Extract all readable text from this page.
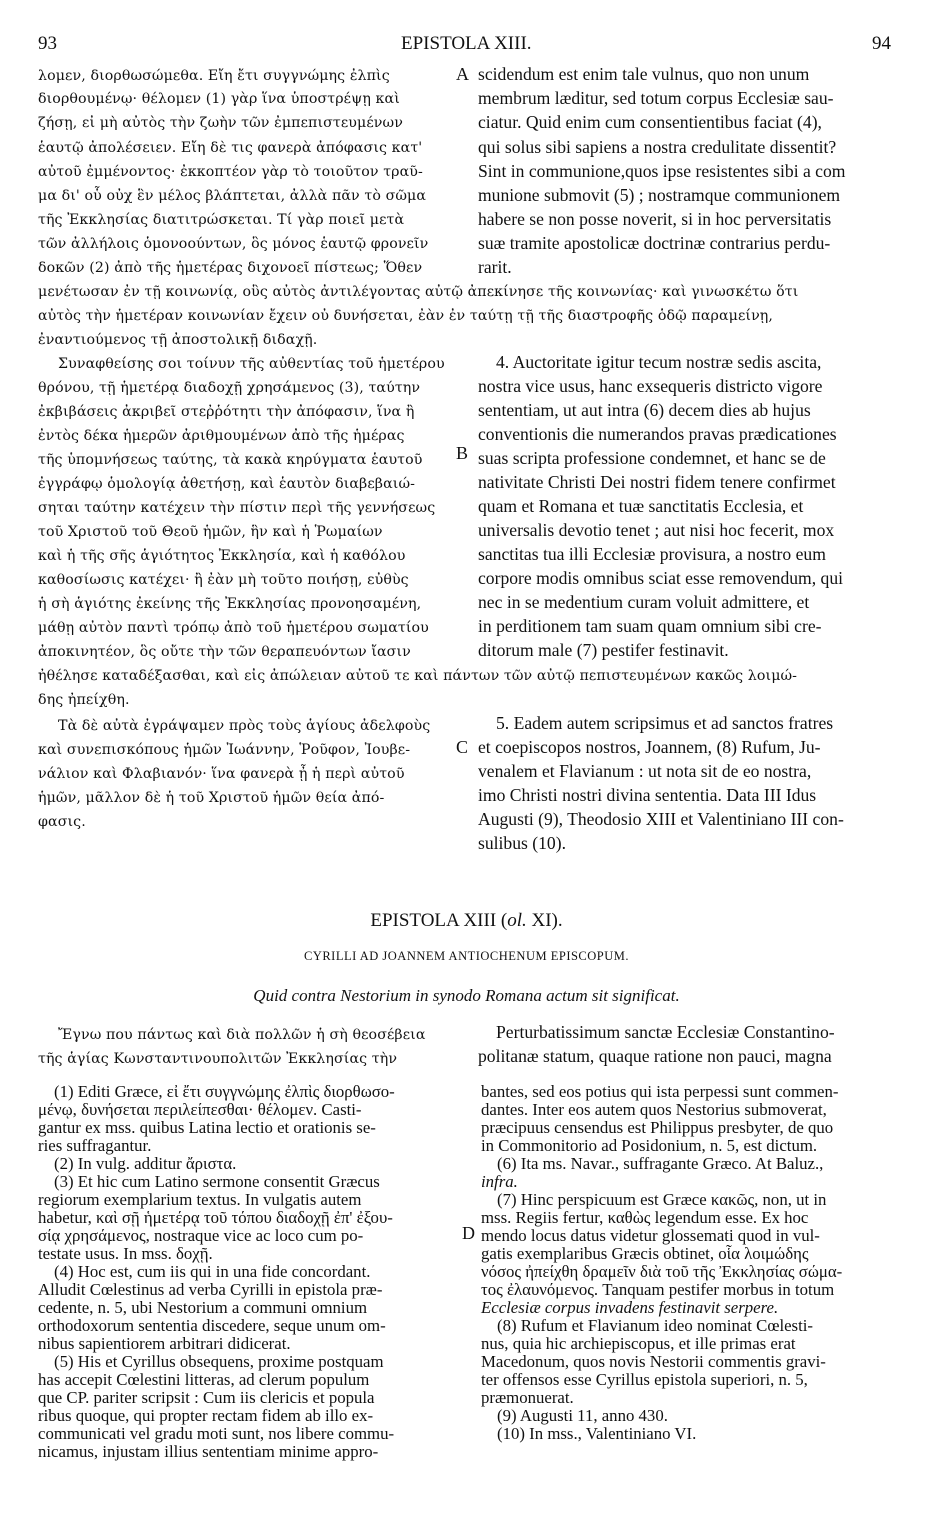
93	EPISTOLA XIII.	94
A
B
C
D
λομεν, διορθωσώμεθα. Εἴη ἔτι συγγνώμης ἐλπὶς
διορθουμένῳ· θέλομεν (1) γὰρ ἵνα ὑποστρέψῃ καὶ
ζήσῃ, εἰ μὴ αὐτὸς τὴν ζωὴν τῶν ἐμπεπιστευμένων
ἑαυτῷ ἀπολέσειεν. Εἴη δὲ τις φανερὰ ἀπόφασις κατ'
αὐτοῦ ἐμμένοντος· ἐκκοπτέον γὰρ τὸ τοιοῦτον τραῦ-
μα δι' οὗ οὐχ ἓν μέλος βλάπτεται, ἀλλὰ πᾶν τὸ σῶμα
τῆς Ἐκκλησίας διατιτρώσκεται. Τί γὰρ ποιεῖ μετὰ
τῶν ἀλλήλοις ὁμονοούντων, ὃς μόνος ἑαυτῷ φρονεῖν
δοκῶν (2) ἀπὸ τῆς ἡμετέρας διχονοεῖ πίστεως; Ὅθεν
scidendum est enim tale vulnus, quo non unum
membrum læditur, sed totum corpus Ecclesiæ sau-
ciatur. Quid enim cum consentientibus faciat (4),
qui solus sibi sapiens a nostra credulitate dissentit?
Sint in communione,quos ipse resistentes sibi a com
munione submovit (5) ; nostramque communionem
habere se non posse noverit, si in hoc perversitatis
suæ tramite apostolicæ doctrinæ contrarius perdu-
rarit.
μενέτωσαν ἐν τῇ κοινωνίᾳ, οὓς αὐτὸς ἀντιλέγοντας αὐτῷ ἀπεκίνησε τῆς κοινωνίας· καὶ γινωσκέτω ὅτι
αὐτὸς τὴν ἡμετέραν κοινωνίαν ἔχειν οὐ δυνήσεται, ἐὰν ἐν ταύτῃ τῇ τῆς διαστροφῆς ὁδῷ παραμείνῃ,
ἐναντιούμενος τῇ ἀποστολικῇ διδαχῇ.
Συναφθείσης σοι τοίνυν τῆς αὐθεντίας τοῦ ἡμετέρου
θρόνου, τῇ ἡμετέρᾳ διαδοχῇ χρησάμενος (3), ταύτην
ἐκβιβάσεις ἀκριβεῖ στεῤῥότητι τὴν ἀπόφασιν, ἵνα ἢ
ἐντὸς δέκα ἡμερῶν ἀριθμουμένων ἀπὸ τῆς ἡμέρας
τῆς ὑπομνήσεως ταύτης, τὰ κακὰ κηρύγματα ἑαυτοῦ
ἐγγράφῳ ὁμολογίᾳ ἀθετήσῃ, καὶ ἑαυτὸν διαβεβαιώ-
σηται ταύτην κατέχειν τὴν πίστιν περὶ τῆς γεννήσεως
τοῦ Χριστοῦ τοῦ Θεοῦ ἡμῶν, ἣν καὶ ἡ Ῥωμαίων
καὶ ἡ τῆς σῆς ἁγιότητος Ἐκκλησία, καὶ ἡ καθόλου
καθοσίωσις κατέχει· ἢ ἐὰν μὴ τοῦτο ποιήσῃ, εὐθὺς
ἡ σὴ ἁγιότης ἐκείνης τῆς Ἐκκλησίας προνοησαμένη,
μάθῃ αὐτὸν παντὶ τρόπῳ ἀπὸ τοῦ ἡμετέρου σωματίου
ἀποκινητέον, ὃς οὔτε τὴν τῶν θεραπευόντων ἴασιν
4. Auctoritate igitur tecum nostræ sedis ascita,
nostra vice usus, hanc exsequeris districto vigore
sententiam, ut aut intra (6) decem dies ab hujus
conventionis die numerandos pravas prædicationes
suas scripta professione condemnet, et hanc se de
nativitate Christi Dei nostri fidem tenere confirmet
quam et Romana et tuæ sanctitatis Ecclesia, et
universalis devotio tenet ; aut nisi hoc fecerit, mox
sanctitas tua illi Ecclesiæ provisura, a nostro eum
corpore modis omnibus sciat esse removendum, qui
nec in se medentium curam voluit admittere, et
in perditionem tam suam quam omnium sibi cre-
ditorum male (7) pestifer festinavit.
ἠθέλησε καταδέξασθαι, καὶ εἰς ἀπώλειαν αὐτοῦ τε καὶ πάντων τῶν αὐτῷ πεπιστευμένων κακῶς λοιμώ-
δης ἠπείχθη.
Τὰ δὲ αὐτὰ ἐγράψαμεν πρὸς τοὺς ἁγίους ἀδελφοὺς
καὶ συνεπισκόπους ἡμῶν Ἰωάννην, Ῥοῦφον, Ἰουβε-
νάλιον καὶ Φλαβιανόν· ἵνα φανερὰ ᾖ ἡ περὶ αὐτοῦ
ἡμῶν, μᾶλλον δὲ ἡ τοῦ Χριστοῦ ἡμῶν θεία ἀπό-
φασις.
5. Eadem autem scripsimus et ad sanctos fratres
et coepiscopos nostros, Joannem, (8) Rufum, Ju-
venalem et Flavianum : ut nota sit de eo nostra,
imo Christi nostri divina sententia. Data III Idus
Augusti (9), Theodosio XIII et Valentiniano III con-
sulibus (10).
EPISTOLA XIII (ol. XI).
CYRILLI AD JOANNEM ANTIOCHENUM EPISCOPUM.
Quid contra Nestorium in synodo Romana actum sit significat.
Ἔγνω που πάντως καὶ διὰ πολλῶν ἡ σὴ θεοσέβεια
τῆς ἁγίας Κωνσταντινουπολιτῶν Ἐκκλησίας τὴν
Perturbatissimum sanctæ Ecclesiæ Constantino-
politanæ statum, quaque ratione non pauci, magna
(1) Editi Græce, εἰ ἔτι συγγνώμης ἐλπὶς διορθωσο-
μένῳ, δυνήσεται περιλείπεσθαι· θέλομεν. Casti-
gantur ex mss. quibus Latina lectio et orationis se-
ries suffragantur.
(2) In vulg. additur ἄριστα.
(3) Et hic cum Latino sermone consentit Græcus
regiorum exemplarium textus. In vulgatis autem
habetur, καὶ σῇ ἡμετέρᾳ τοῦ τόπου διαδοχῇ ἐπ' ἐξου-
σίᾳ χρησάμενος, nostraque vice ac loco cum po-
testate usus. In mss. δοχῇ.
(4) Hoc est, cum iis qui in una fide concordant.
Alludit Cœlestinus ad verba Cyrilli in epistola præ-
cedente, n. 5, ubi Nestorium a communi omnium
orthodoxorum sententia discedere, seque unum om-
nibus sapientiorem arbitrari didicerat.
(5) His et Cyrillus obsequens, proxime postquam
has accepit Cœlestini litteras, ad clerum populum
que CP. pariter scripsit : Cum iis clericis et popula
ribus quoque, qui propter rectam fidem ab illo ex-
communicati vel gradu moti sunt, nos libere commu-
nicamus, injustam illius sententiam minime appro-
bantes, sed eos potius qui ista perpessi sunt commen-
dantes. Inter eos autem quos Nestorius submoverat,
præcipuus censendus est Philippus presbyter, de quo
in Commonitorio ad Posidonium, n. 5, est dictum.
(6) Ita ms. Navar., suffragante Græco. At Baluz.,
infra.
(7) Hinc perspicuum est Græce κακῶς, non, ut in
mss. Regiis fertur, καθὼς legendum esse. Ex hoc
mendo locus datus videtur glossemati quod in vul-
gatis exemplaribus Græcis obtinet, οἷα λοιμώδης
νόσος ἠπείχθη δραμεῖν διὰ τοῦ τῆς Ἐκκλησίας σώμα-
τος ἐλαυνόμενος. Tanquam pestifer morbus in totum
Ecclesiæ corpus invadens festinavit serpere.
(8) Rufum et Flavianum ideo nominat Cœlesti-
nus, quia hic archiepiscopus, et ille primas erat
Macedonum, quos novis Nestorii commentis gravi-
ter offensos esse Cyrillus epistola superiori, n. 5,
præmonuerat.
(9) Augusti 11, anno 430.
(10) In mss., Valentiniano VI.
